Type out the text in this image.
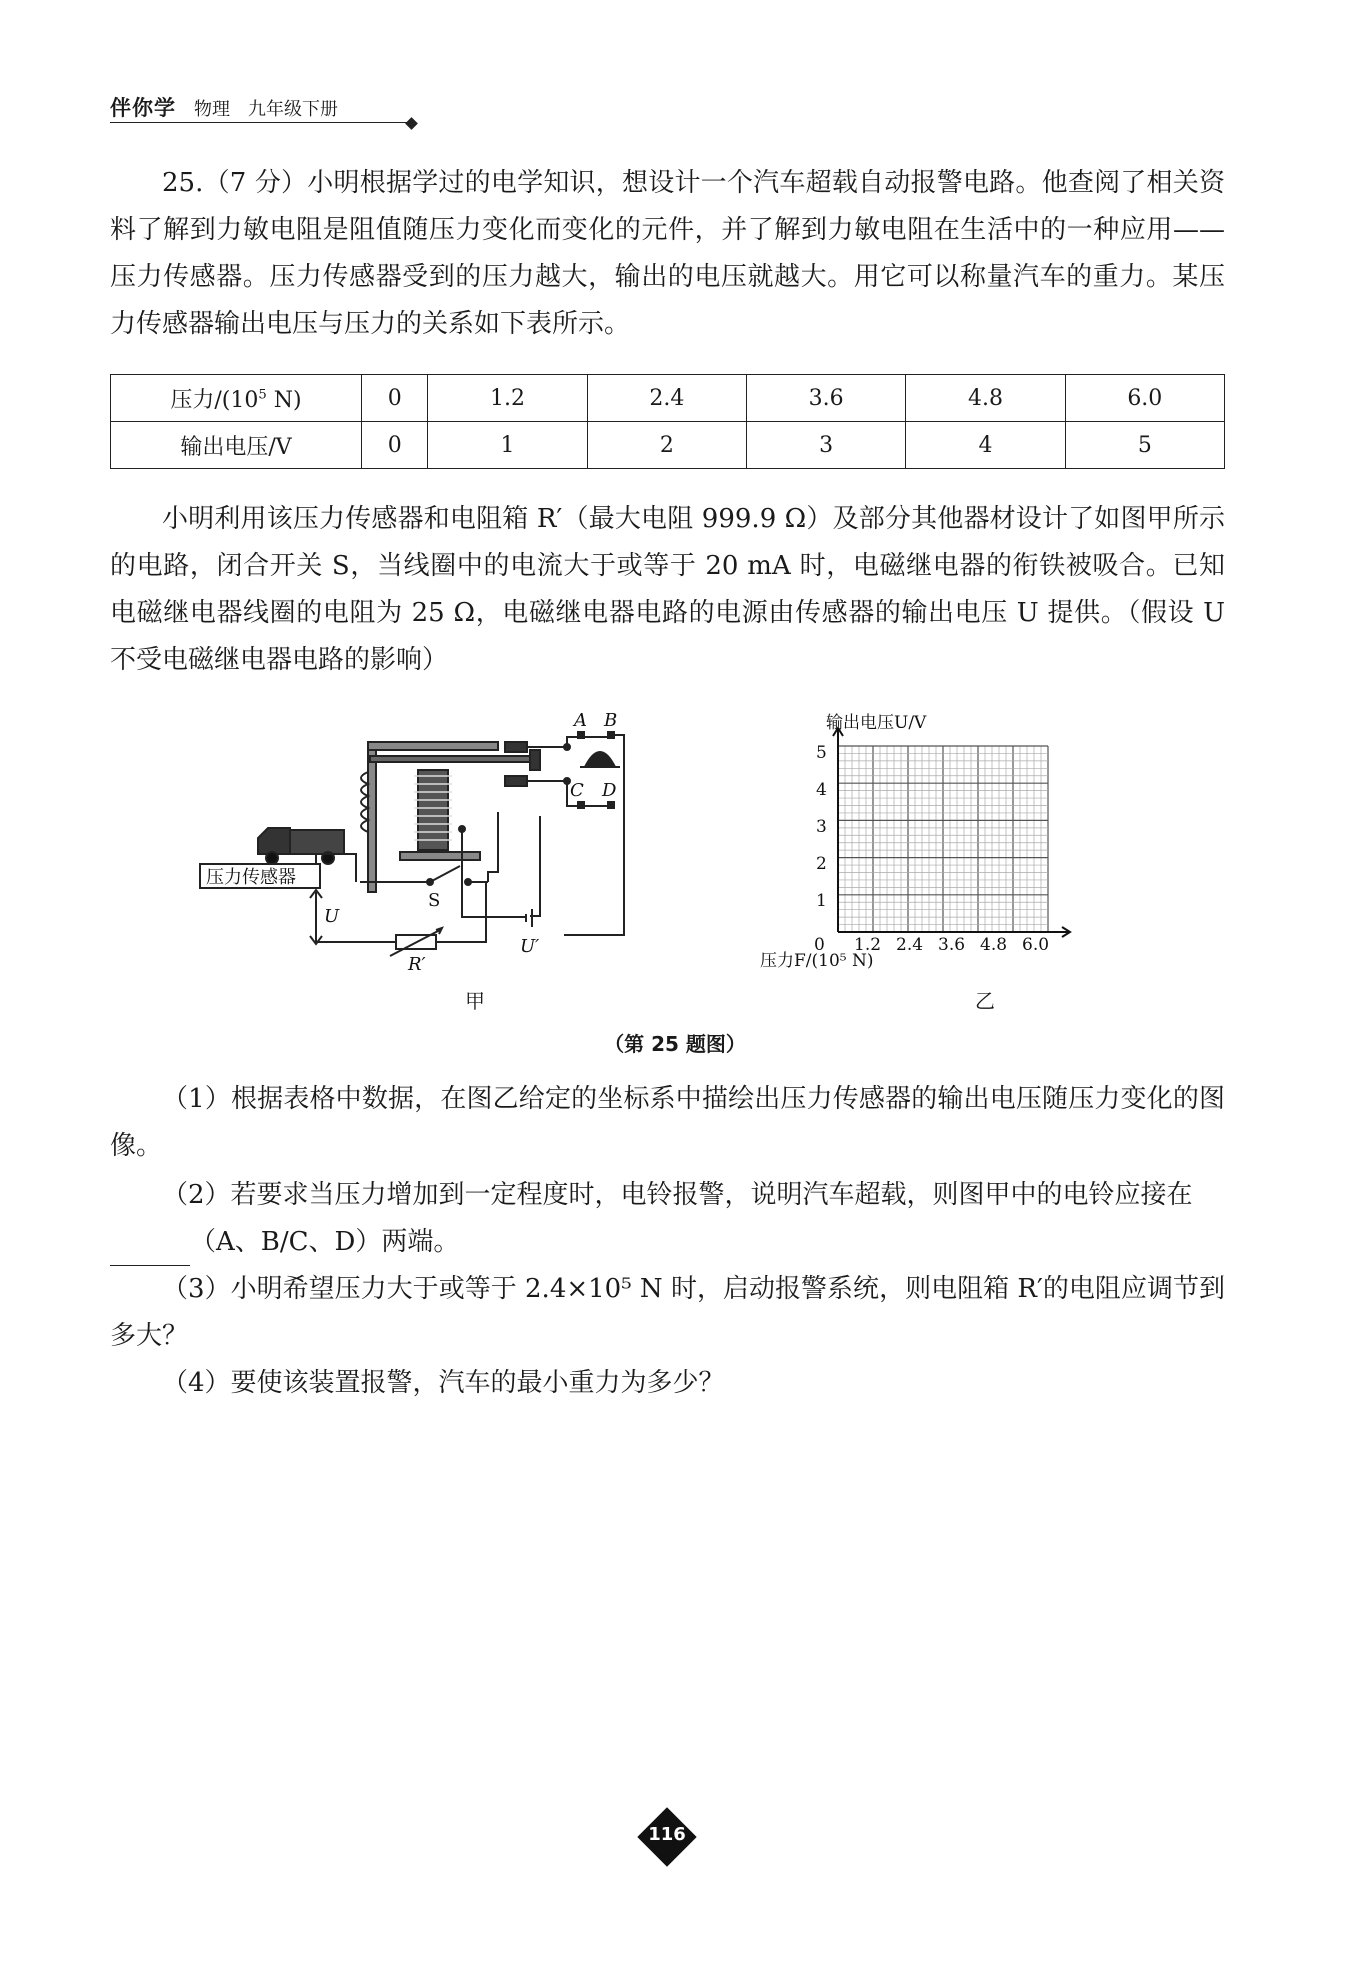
伴你学 物理 九年级下册
25.（7 分）小明根据学过的电学知识，想设计一个汽车超载自动报警电路。他查阅了相关资料了解到力敏电阻是阻值随压力变化而变化的元件，并了解到力敏电阻在生活中的一种应用——压力传感器。压力传感器受到的压力越大，输出的电压就越大。用它可以称量汽车的重力。某压力传感器输出电压与压力的关系如下表所示。
压力$/(10^5$ N)	0	1.2	2.4	3.6	4.8	6.0
输出电压/V	0	1	2	3	4	5
小明利用该压力传感器和电阻箱 R′（最大电阻 999.9 Ω）及部分其他器材设计了如图甲所示的电路，闭合开关 S，当线圈中的电流大于或等于 20 mA 时，电磁继电器的衔铁被吸合。已知电磁继电器线圈的电阻为 25 Ω，电磁继电器电路的电源由传感器的输出电压 U 提供。（假设 U 不受电磁继电器电路的影响）
压力传感器
U
S
R′
A B
C D
U′
输出电压U/V
压力F/(10⁵ N)
0
1
2
3
4
5
1.2 2.4 3.6 4.8 6.0
甲	乙
（第 25 题图）
（1）根据表格中数据，在图乙给定的坐标系中描绘出压力传感器的输出电压随压力变化的图像。
（2）若要求当压力增加到一定程度时，电铃报警，说明汽车超载，则图甲中的电铃应接在
（A、B/C、D）两端。
（3）小明希望压力大于或等于 2.4×10⁵ N 时，启动报警系统，则电阻箱 R′的电阻应调节到多大？
（4）要使该装置报警，汽车的最小重力为多少？
116
